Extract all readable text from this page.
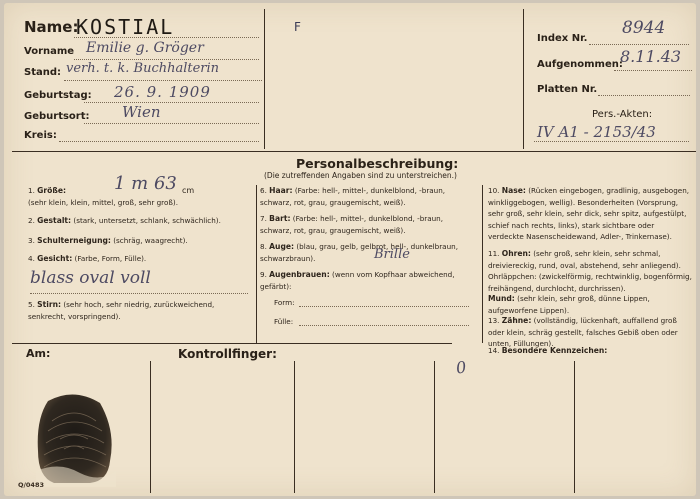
Name:
KOSTIAL
Vorname Emilie g. Gröger
Stand: verh. t. k. Buchhalterin
Geburtstag: 26. 9. 1909
Geburtsort: Wien
Kreis:
F
Index Nr.
8944
Aufgenommen:
8.11.43
Platten Nr.
Pers.-Akten:
IV A1 - 2153/43
Personalbeschreibung:
(Die zutreffenden Angaben sind zu unterstreichen.)
1. Größe:
(sehr klein, klein, mittel, groß, sehr groß).
1 m 63 cm
2. Gestalt: (stark, untersetzt, schlank, schwächlich).
3. Schulterneigung: (schräg, waagrecht).
4. Gesicht: (Farbe, Form, Fülle).
blass oval voll
5. Stirn: (sehr hoch, sehr niedrig, zurückweichend, senkrecht, vorspringend).
6. Haar: (Farbe: hell-, mittel-, dunkelblond, -braun, schwarz, rot, grau, graugemischt, weiß).
7. Bart: (Farbe: hell-, mittel-, dunkelblond, -braun, schwarz, rot, grau, graugemischt, weiß).
8. Auge: (blau, grau, gelb, gelbrot, hell-, dunkelbraun, schwarzbraun).	Brille
9. Augenbrauen: (wenn vom Kopfhaar abweichend, gefärbt):
Form:
Fülle:
10. Nase: (Rücken eingebogen, gradlinig, ausgebogen, winkliggebogen, wellig). Besonderheiten (Vorsprung, sehr groß, sehr klein, sehr dick, sehr spitz, aufgestülpt, schief nach rechts, links), stark sichtbare oder verdeckte Nasenscheidewand, Adler-, Trinkernase).
11. Ohren: (sehr groß, sehr klein, sehr schmal, dreiviereckig, rund, oval, abstehend, sehr anliegend). Ohrläppchen: (zwickelförmig, rechtwinklig, bogenförmig, freihängend, durchlocht, durchrissen).
Mund: (sehr klein, sehr groß, dünne Lippen, aufgeworfene Lippen).
13. Zähne: (vollständig, lückenhaft, auffallend groß oder klein, schräg gestellt, falsches Gebiß oben oder unten, Füllungen).
14. Besondere Kennzeichen:
Am:	Kontrollfinger:
0
Q/0483
